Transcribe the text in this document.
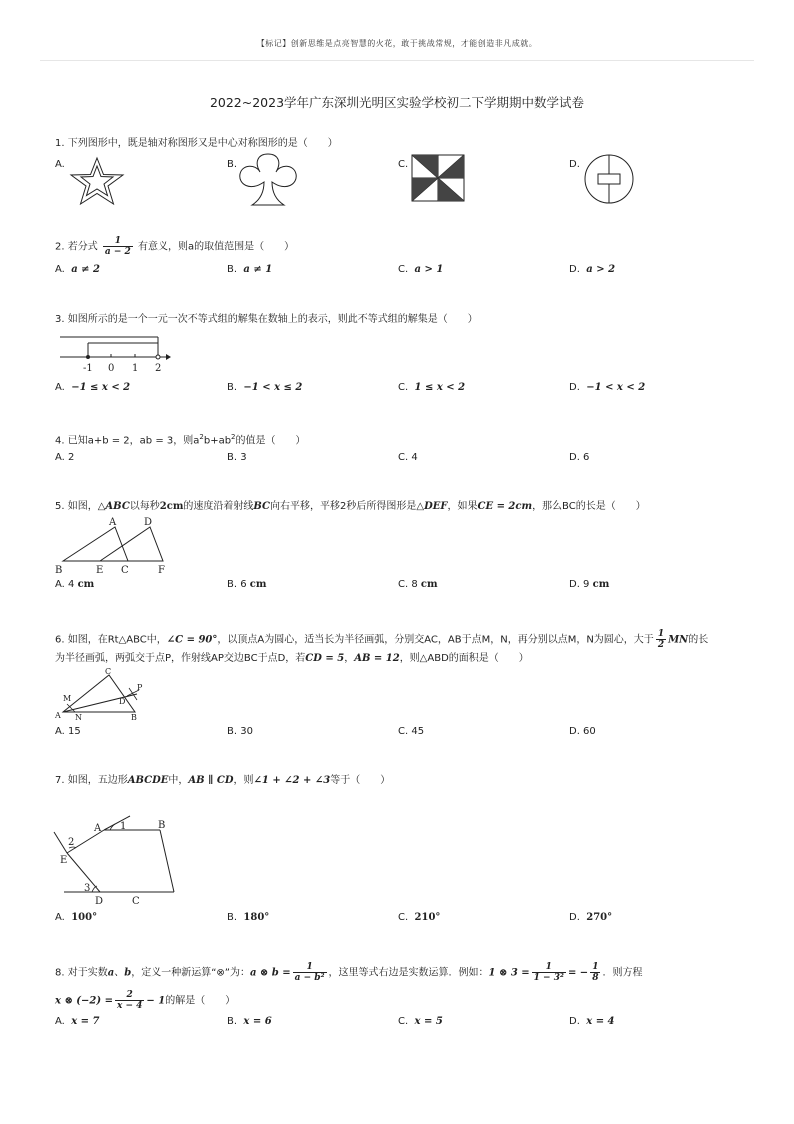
【标记】创新思维是点亮智慧的火花，敢于挑战常规，才能创造非凡成就。
2022~2023学年广东深圳光明区实验学校初二下学期期中数学试卷
1. 下列图形中，既是轴对称图形又是中心对称图形的是（　　）
A.	B.	C.	D.
2. 若分式 $\frac{1}{a - 2}$ 有意义，则a的取值范围是（　　）
A. a ≠ 2	B. a ≠ 1	C. a > 1	D. a > 2
3. 如图所示的是一个一元一次不等式组的解集在数轴上的表示，则此不等式组的解集是（　　）
-1 0 1 2
A. −1 ≤ x < 2	B. −1 < x ≤ 2	C. 1 ≤ x < 2	D. −1 < x < 2
4. 已知a+b = 2，ab = 3，则$a^2b+ab^2$的值是（　　）
A. 2	B. 3	C. 4	D. 6
5. 如图，△ABC以每秒2cm的速度沿着射线BC向右平移，平移2秒后所得图形是△DEF，如果CE = 2cm，那么BC的长是（　　）
A	D
B	E C	F
A. 4 cm	B. 6 cm	C. 8 cm	D. 9 cm
6. 如图，在Rt△ABC中，∠C = 90°，以顶点A为圆心，适当长为半径画弧，分别交AC，AB于点M，N，再分别以点M，N为圆心，大于 $\frac{1}{2}$ MN的长
为半径画弧，两弧交于点P，作射线AP交边BC于点D，若CD = 5，AB = 12，则△ABD的面积是（　　）
C
P
M	D
A N	B
A. 15	B. 30	C. 45	D. 60
7. 如图，五边形ABCDE中，AB ∥ CD，则∠1 + ∠2 + ∠3等于（　　）
A 1	B
2
E
3
D	C
A. 100°	B. 180°	C. 210°	D. 270°
8. 对于实数a、b，定义一种新运算“⊗”为：a ⊗ $b = \frac{1}{\text{a − b²}}$ ，这里等式右边是实数运算．例如：1 ⊗ $3 = \frac{1}{\text{1 − 3²}}$ = − $\frac{1}{8}$ ．则方程
x ⊗ $(-2) = \frac{2}{x - 4} - 1$的解是（　　）
A. x = 7	B. x = 6	C. x = 5	D. x = 4
